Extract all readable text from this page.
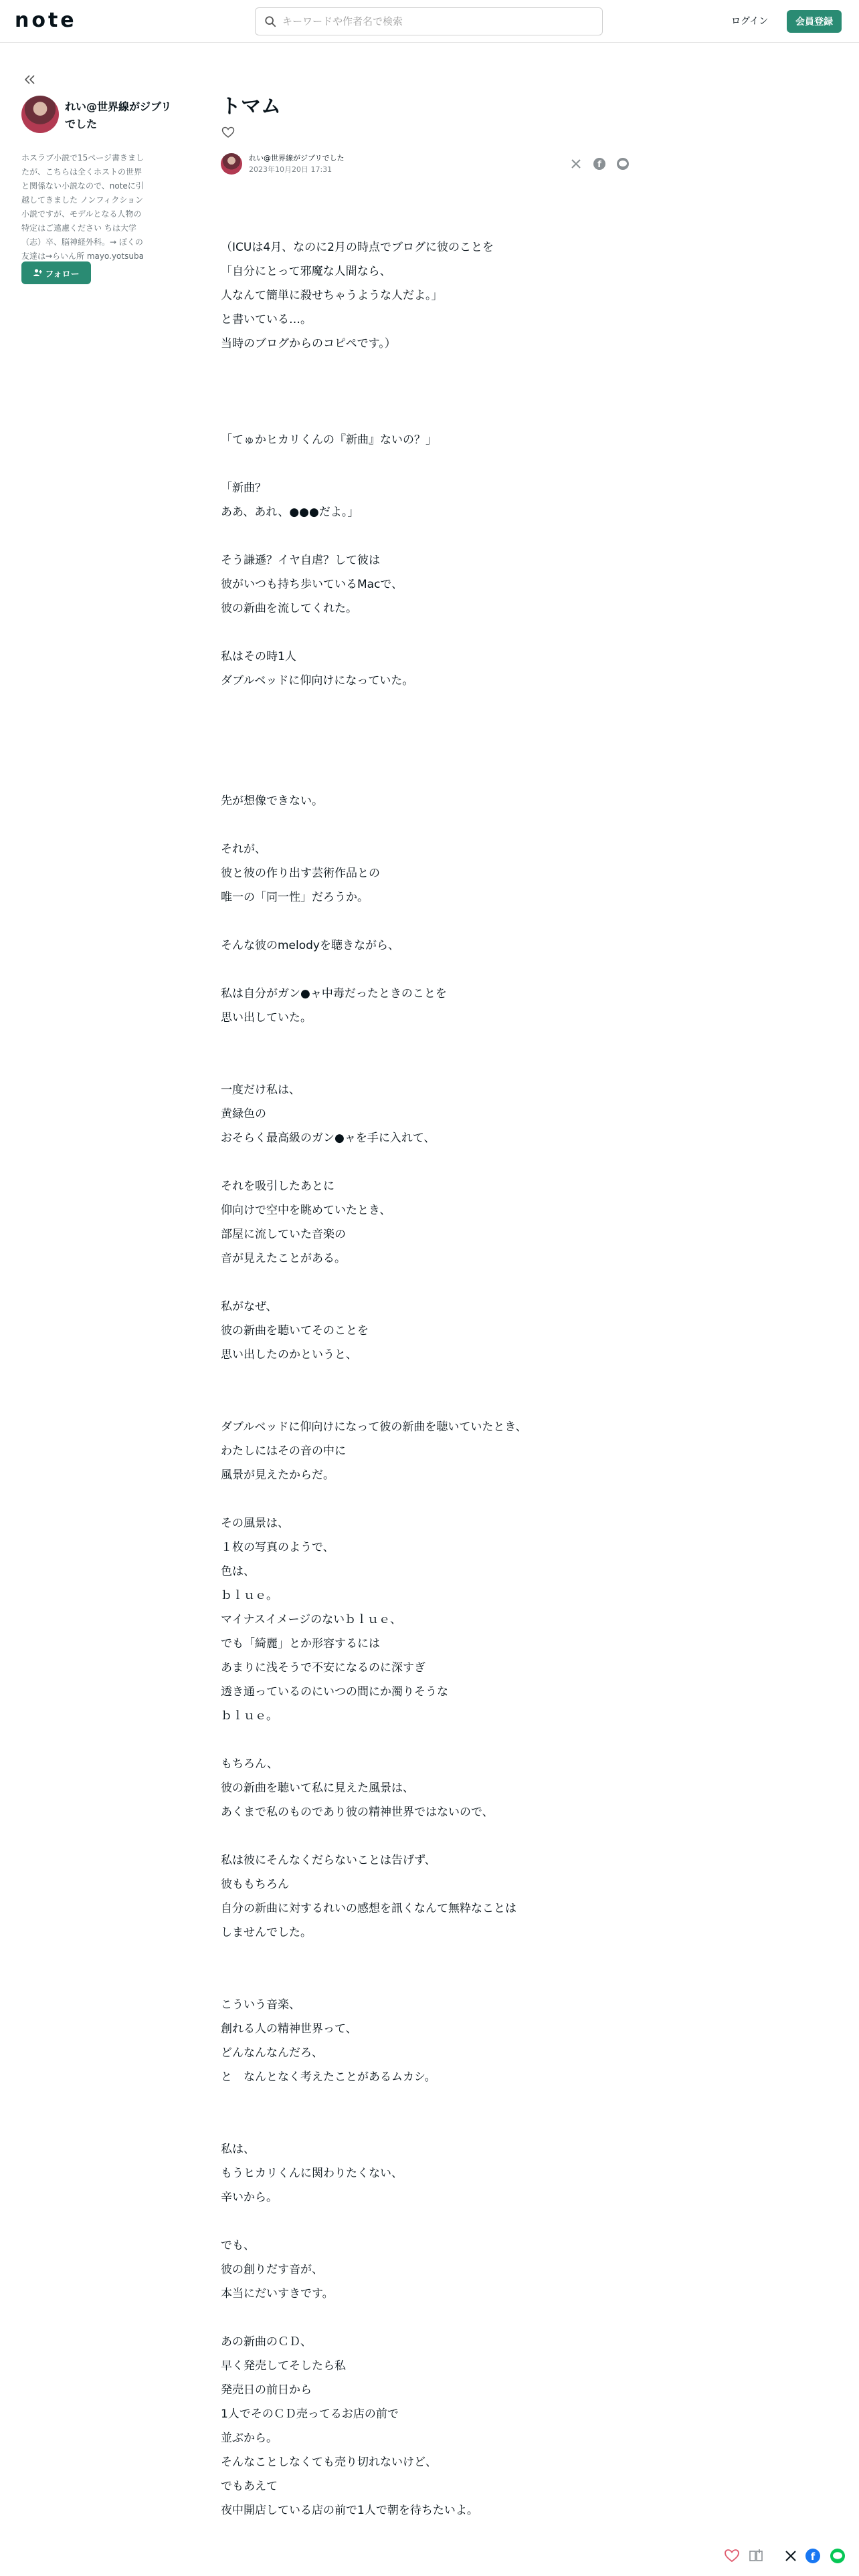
note
キーワードや作者名で検索	ログイン	会員登録
れい@世界線がジブリでした
ホスラブ小説で15ページ書きましたが、こちらは全くホストの世界と関係ない小説なので、noteに引越してきました ノンフィクション小説ですが、モデルとなる人物の特定はご遠慮ください ちは大学（志）卒、脳神経外科。→ ぼくの友達は→らいん所 mayo.yotsuba
フォロー
トマム
れい@世界線がジブリでした
2023年10月20日 17:31	f

（ICUは4月、なのに2月の時点でブログに彼のことを
「自分にとって邪魔な人間なら、
人なんて簡単に殺せちゃうような人だよ。」
と書いている…。
当時のブログからのコピペです。）

「てゅかヒカリくんの『新曲』ないの？」

「新曲？
ああ、あれ、●●●だよ。」

そう謙遜？イヤ自虐？して彼は
彼がいつも持ち歩いているMacで、
彼の新曲を流してくれた。

私はその時1人
ダブルベッドに仰向けになっていた。

先が想像できない。

それが、
彼と彼の作り出す芸術作品との
唯一の「同一性」だろうか。

そんな彼のmelodyを聴きながら、

私は自分がガン●ャ中毒だったときのことを
思い出していた。

一度だけ私は、
黄緑色の
おそらく最高級のガン●ャを手に入れて、

それを吸引したあとに
仰向けで空中を眺めていたとき、
部屋に流していた音楽の
音が見えたことがある。

私がなぜ、
彼の新曲を聴いてそのことを
思い出したのかというと、

ダブルベッドに仰向けになって彼の新曲を聴いていたとき、
わたしにはその音の中に
風景が見えたからだ。

その風景は、
１枚の写真のようで、
色は、
ｂｌｕｅ。
マイナスイメージのないｂｌｕｅ、
でも「綺麗」とか形容するには
あまりに浅そうで不安になるのに深すぎ
透き通っているのにいつの間にか濁りそうな
ｂｌｕｅ。

もちろん、
彼の新曲を聴いて私に見えた風景は、
あくまで私のものであり彼の精神世界ではないので、

私は彼にそんなくだらないことは告げず、
彼ももちろん
自分の新曲に対するれいの感想を訊くなんて無粋なことは
しませんでした。

こういう音楽、
創れる人の精神世界って、
どんなんなんだろ、
と　なんとなく考えたことがあるムカシ。

私は、
もうヒカリくんに関わりたくない、
辛いから。

でも、
彼の創りだす音が、
本当にだいすきです。

あの新曲のＣＤ、
早く発売してそしたら私
発売日の前日から
1人でそのＣＤ売ってるお店の前で
並ぶから。
そんなことしなくても売り切れないけど、
でもあえて
夜中開店している店の前で1人で朝を待ちたいよ。

f
